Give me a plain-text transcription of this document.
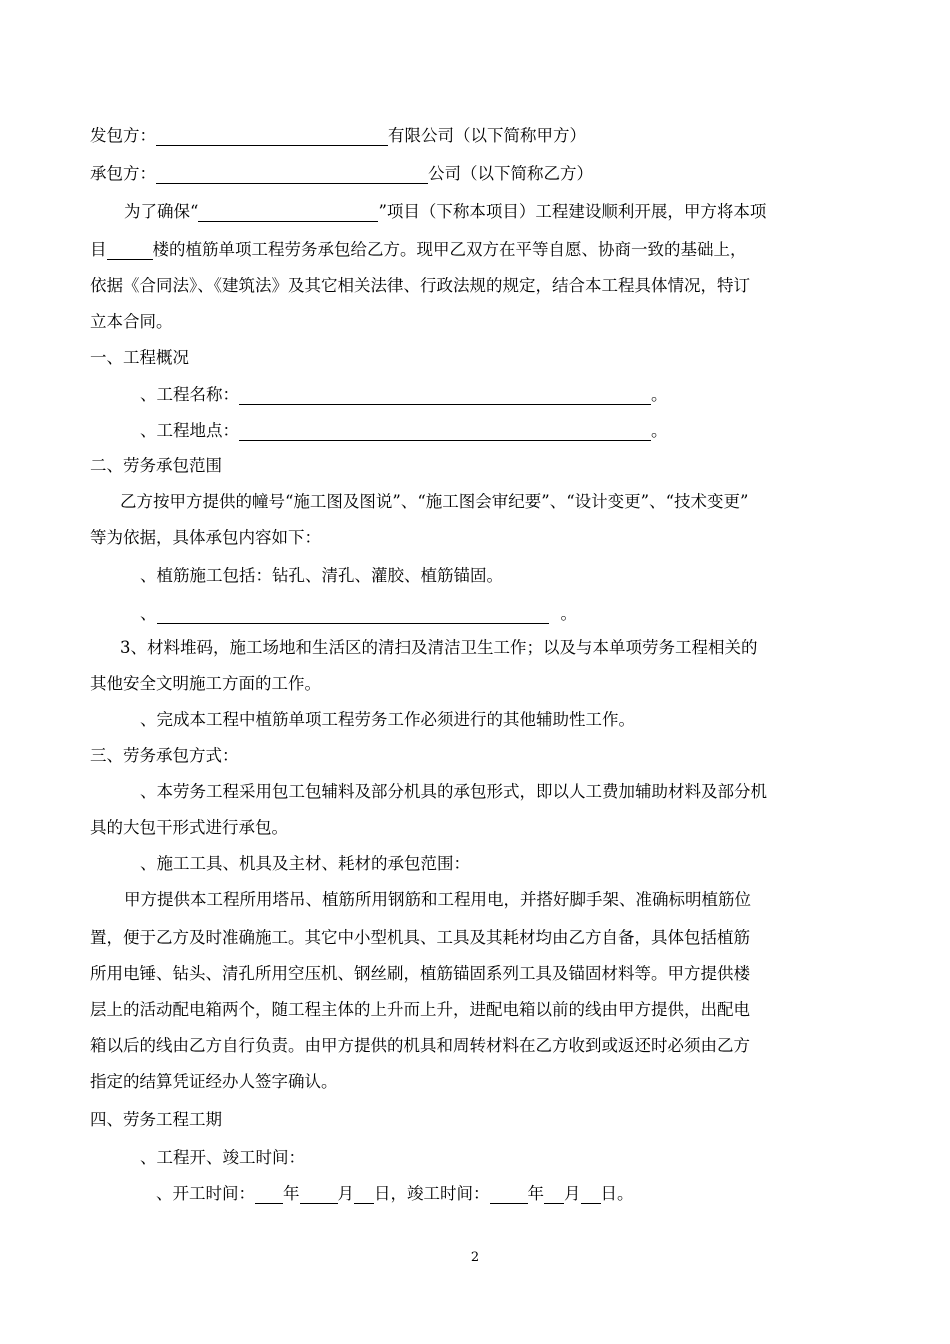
发包方：	有限公司（以下简称甲方）
承包方：	公司（以下简称乙方）
为了确保“	”项目（下称本项目）工程建设顺利开展，甲方将本项
目	楼的植筋单项工程劳务承包给乙方。现甲乙双方在平等自愿、协商一致的基础上，
依据《合同法》、《建筑法》及其它相关法律、行政法规的规定，结合本工程具体情况，特订
立本合同。
一、工程概况
、工程名称：	。
、工程地点：	。
二、劳务承包范围
乙方按甲方提供的幢号“施工图及图说”、“施工图会审纪要”、“设计变更”、“技术变更”
等为依据，具体承包内容如下：
、植筋施工包括：钻孔、清孔、灌胶、植筋锚固。
、	。
3、材料堆码，施工场地和生活区的清扫及清洁卫生工作；以及与本单项劳务工程相关的
其他安全文明施工方面的工作。
、完成本工程中植筋单项工程劳务工作必须进行的其他辅助性工作。
三、劳务承包方式：
、本劳务工程采用包工包辅料及部分机具的承包形式，即以人工费加辅助材料及部分机
具的大包干形式进行承包。
、施工工具、机具及主材、耗材的承包范围：
甲方提供本工程所用塔吊、植筋所用钢筋和工程用电，并搭好脚手架、准确标明植筋位
置，便于乙方及时准确施工。其它中小型机具、工具及其耗材均由乙方自备，具体包括植筋
所用电锤、钻头、清孔所用空压机、钢丝刷，植筋锚固系列工具及锚固材料等。甲方提供楼
层上的活动配电箱两个，随工程主体的上升而上升，进配电箱以前的线由甲方提供，出配电
箱以后的线由乙方自行负责。由甲方提供的机具和周转材料在乙方收到或返还时必须由乙方
指定的结算凭证经办人签字确认。
四、劳务工程工期
、工程开、竣工时间：
、开工时间： 年 月 日，竣工时间： 年 月 日。
2
